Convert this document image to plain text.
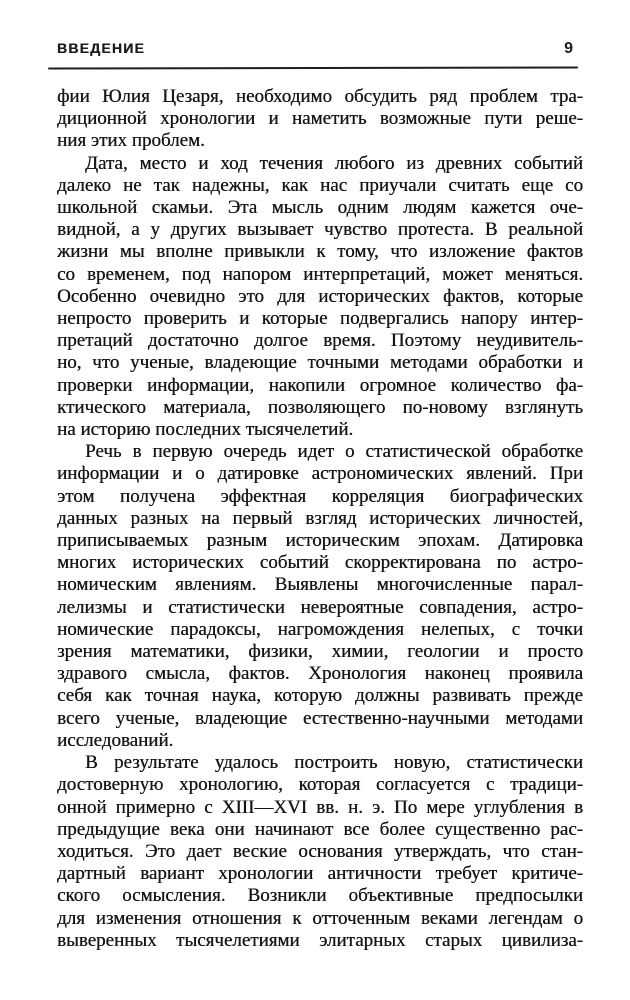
ВВЕДЕНИЕ	9
фии Юлия Цезаря, необходимо обсудить ряд проблем тра-
диционной хронологии и наметить возможные пути реше-
ния этих проблем.
Дата, место и ход течения любого из древних событий
далеко не так надежны, как нас приучали считать еще со
школьной скамьи. Эта мысль одним людям кажется оче-
видной, а у других вызывает чувство протеста. В реальной
жизни мы вполне привыкли к тому, что изложение фактов
со временем, под напором интерпретаций, может меняться.
Особенно очевидно это для исторических фактов, которые
непросто проверить и которые подвергались напору интер-
претаций достаточно долгое время. Поэтому неудивитель-
но, что ученые, владеющие точными методами обработки и
проверки информации, накопили огромное количество фа-
ктического материала, позволяющего по-новому взглянуть
на историю последних тысячелетий.
Речь в первую очередь идет о статистической обработке
информации и о датировке астрономических явлений. При
этом получена эффектная корреляция биографических
данных разных на первый взгляд исторических личностей,
приписываемых разным историческим эпохам. Датировка
многих исторических событий скорректирована по астро-
номическим явлениям. Выявлены многочисленные парал-
лелизмы и статистически невероятные совпадения, астро-
номические парадоксы, нагромождения нелепых, с точки
зрения математики, физики, химии, геологии и просто
здравого смысла, фактов. Хронология наконец проявила
себя как точная наука, которую должны развивать прежде
всего ученые, владеющие естественно-научными методами
исследований.
В результате удалось построить новую, статистически
достоверную хронологию, которая согласуется с традици-
онной примерно с XIII—XVI вв. н. э. По мере углубления в
предыдущие века они начинают все более существенно рас-
ходиться. Это дает веские основания утверждать, что стан-
дартный вариант хронологии античности требует критиче-
ского осмысления. Возникли объективные предпосылки
для изменения отношения к отточенным веками легендам о
выверенных тысячелетиями элитарных старых цивилиза-
